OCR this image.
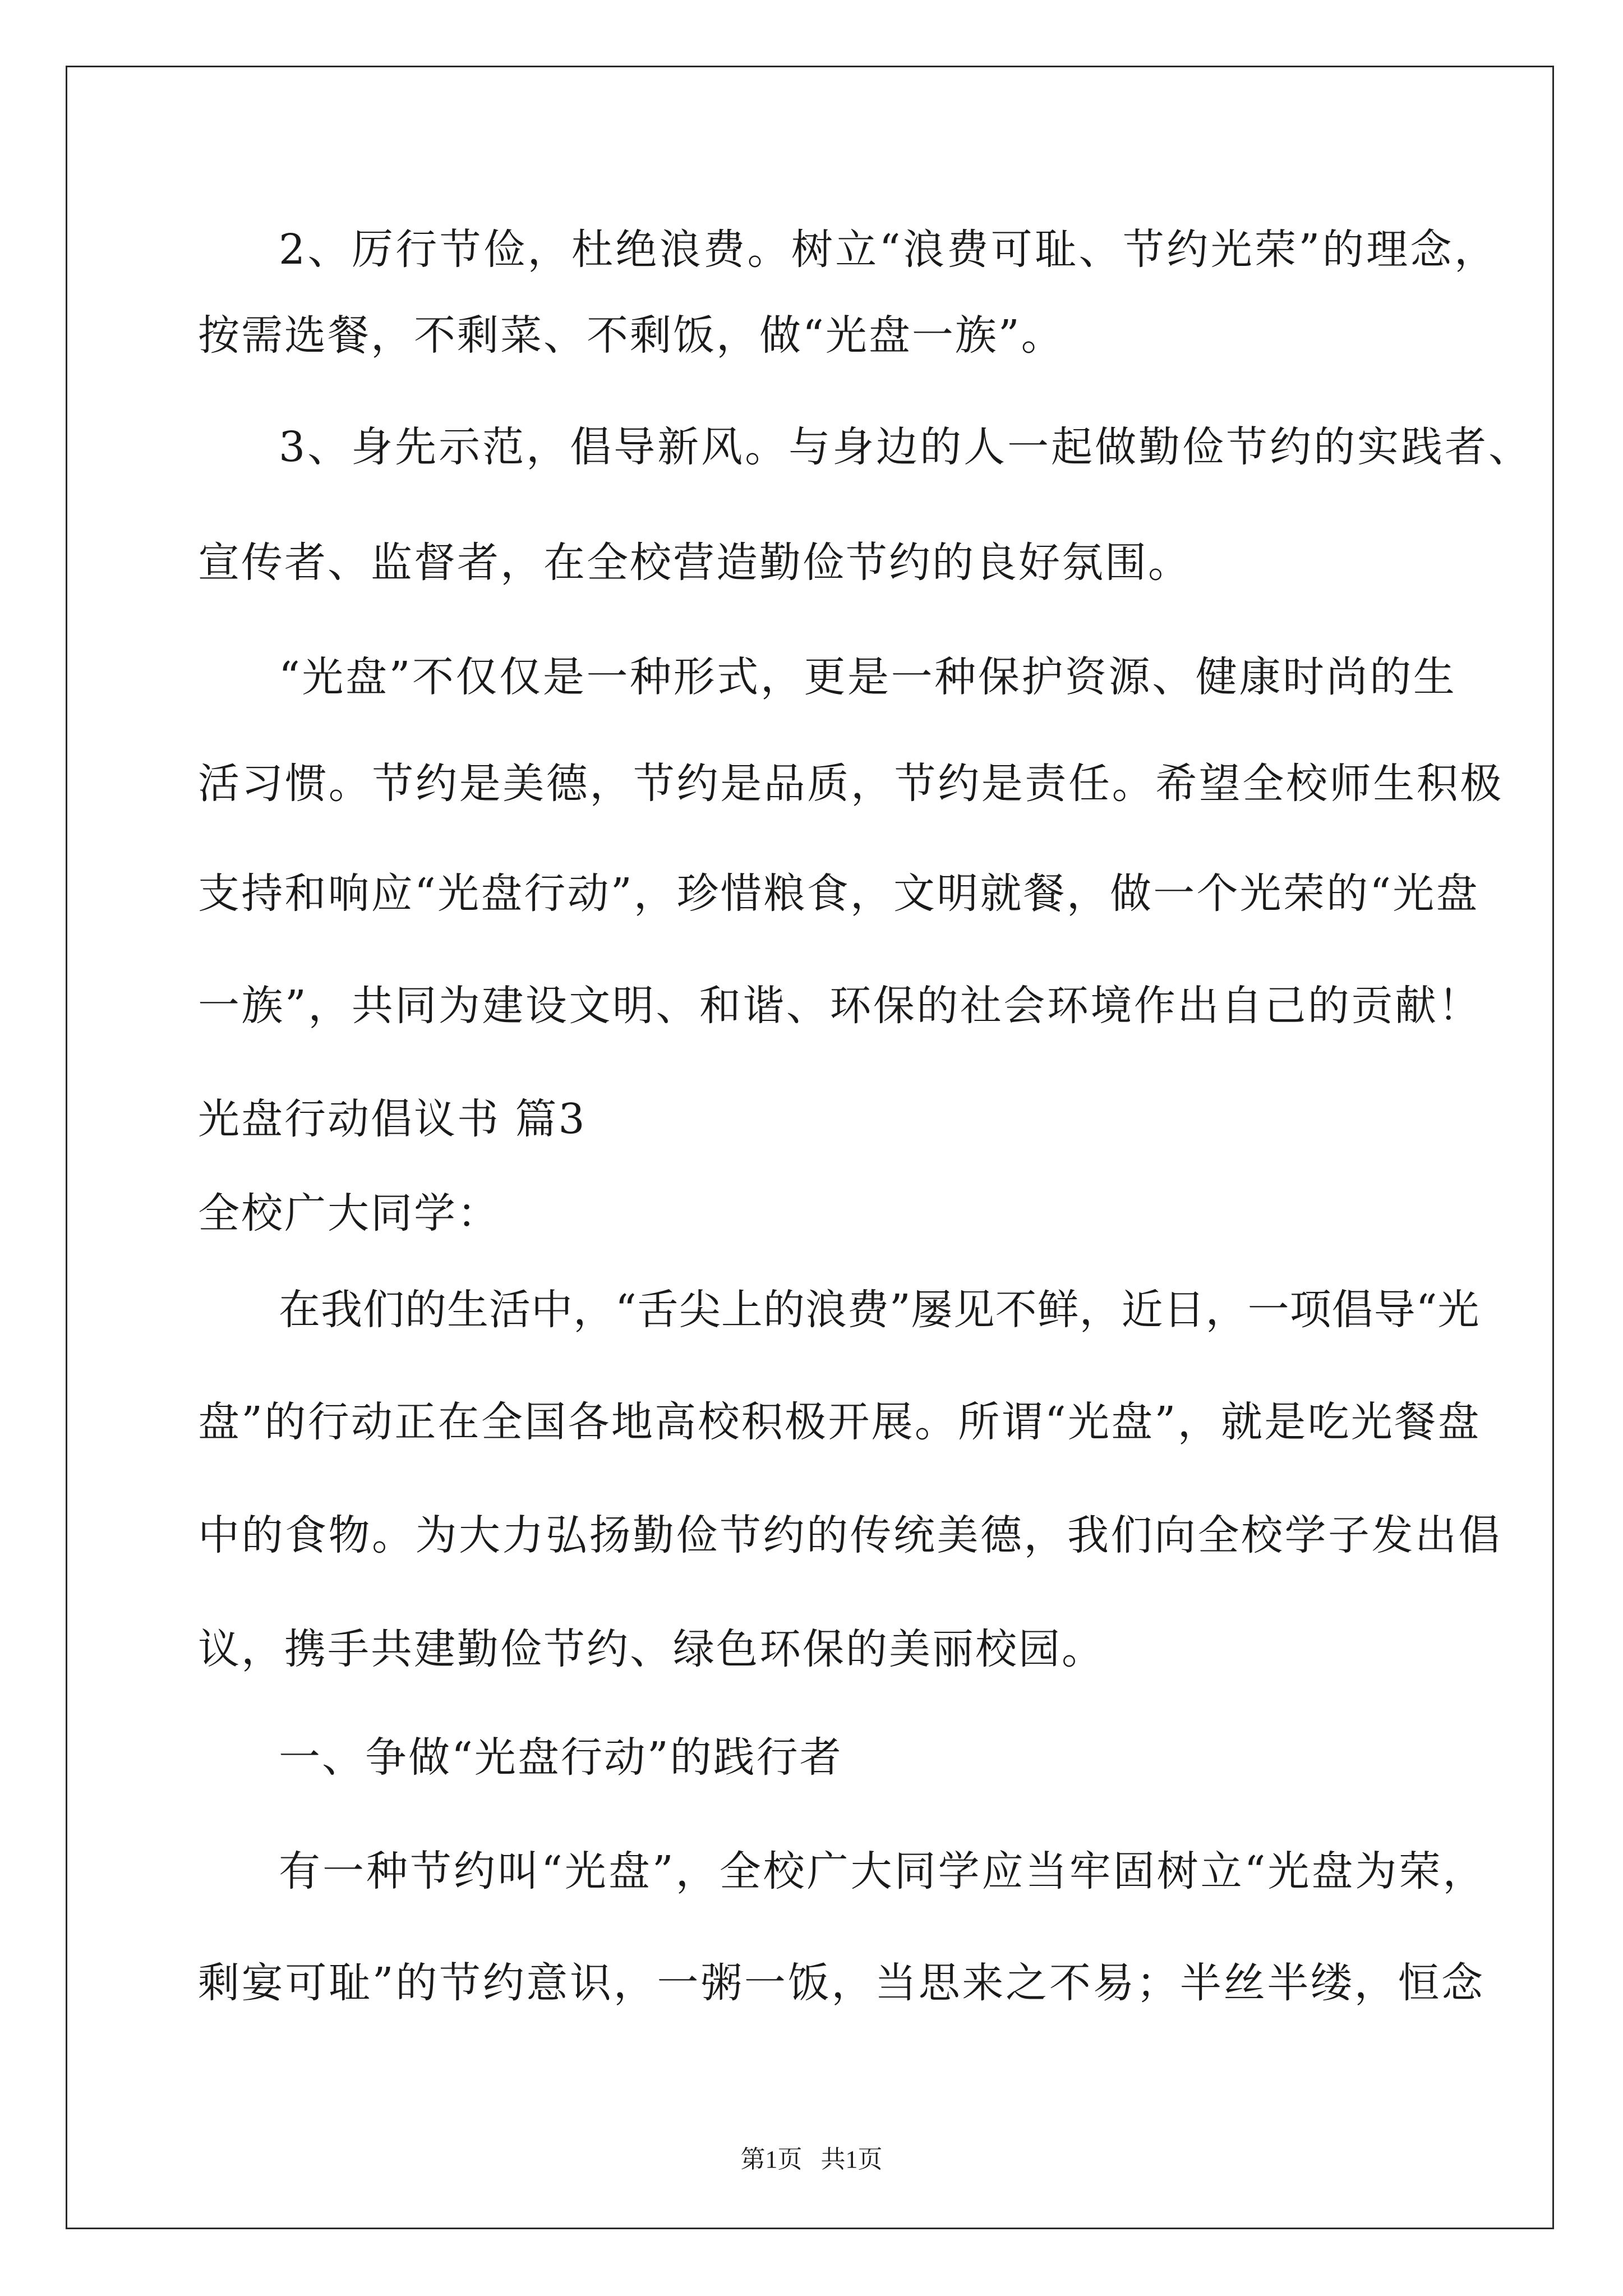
2、厉行节俭，杜绝浪费。树立“浪费可耻、节约光荣”的理念，

按需选餐，不剩菜、不剩饭，做“光盘一族”。

3、身先示范，倡导新风。与身边的人一起做勤俭节约的实践者、

宣传者、监督者，在全校营造勤俭节约的良好氛围。

“光盘”不仅仅是一种形式，更是一种保护资源、健康时尚的生

活习惯。节约是美德，节约是品质，节约是责任。希望全校师生积极

支持和响应“光盘行动”，珍惜粮食，文明就餐，做一个光荣的“光盘

一族”，共同为建设文明、和谐、环保的社会环境作出自己的贡献！

光盘行动倡议书 篇3

全校广大同学：

在我们的生活中，“舌尖上的浪费”屡见不鲜，近日，一项倡导“光

盘”的行动正在全国各地高校积极开展。所谓“光盘”，就是吃光餐盘

中的食物。为大力弘扬勤俭节约的传统美德，我们向全校学子发出倡

议，携手共建勤俭节约、绿色环保的美丽校园。

一、争做“光盘行动”的践行者

有一种节约叫“光盘”，全校广大同学应当牢固树立“光盘为荣，

剩宴可耻”的节约意识，一粥一饭，当思来之不易；半丝半缕，恒念

第1页   共1页
